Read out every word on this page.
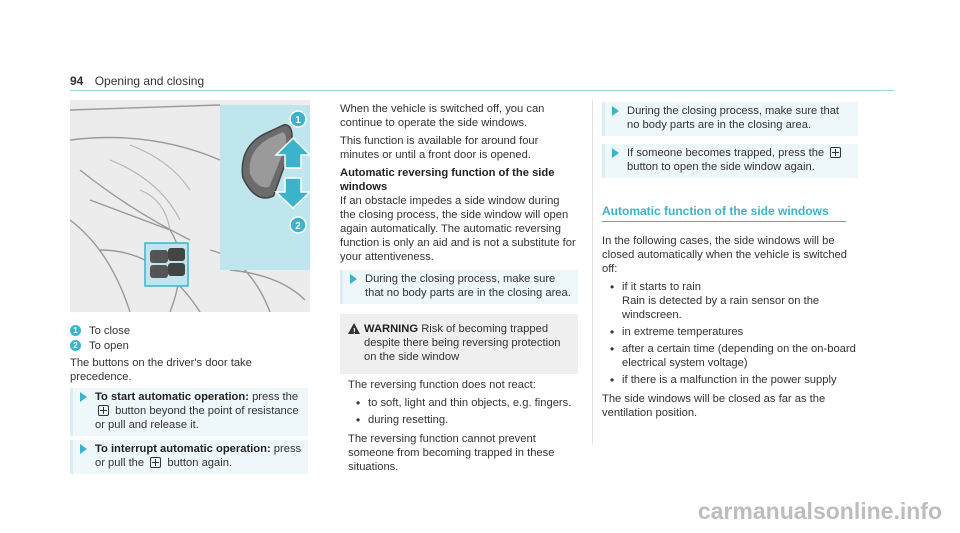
94 Opening and closing
1
2
1 To close
2 To open

The buttons on the driver's door take precedence.

To start automatic operation: press the  button beyond the point of resistance or pull and release it.
To interrupt automatic operation: press or pull the button again.

When the vehicle is switched off, you can continue to operate the side windows.

This function is available for around four minutes or until a front door is opened.

Automatic reversing function of the side windows

If an obstacle impedes a side window during the closing process, the side window will open again automatically. The automatic reversing function is only an aid and is not a substitute for your attentiveness.

During the closing process, make sure that no body parts are in the closing area.
! WARNING Risk of becoming trapped despite there being reversing protection on the side window

The reversing function does not react:

• to soft, light and thin objects, e.g. fingers.
• during resetting.

The reversing function cannot prevent someone from becoming trapped in these situations.

During the closing process, make sure that no body parts are in the closing area.
If someone becomes trapped, press the  button to open the side window again.
Automatic function of the side windows

In the following cases, the side windows will be closed automatically when the vehicle is switched off:

• if it starts to rain
Rain is detected by a rain sensor on the windscreen.
• in extreme temperatures
• after a certain time (depending on the on-board electrical system voltage)
• if there is a malfunction in the power supply

The side windows will be closed as far as the ventilation position.

carmanualsonline.info
